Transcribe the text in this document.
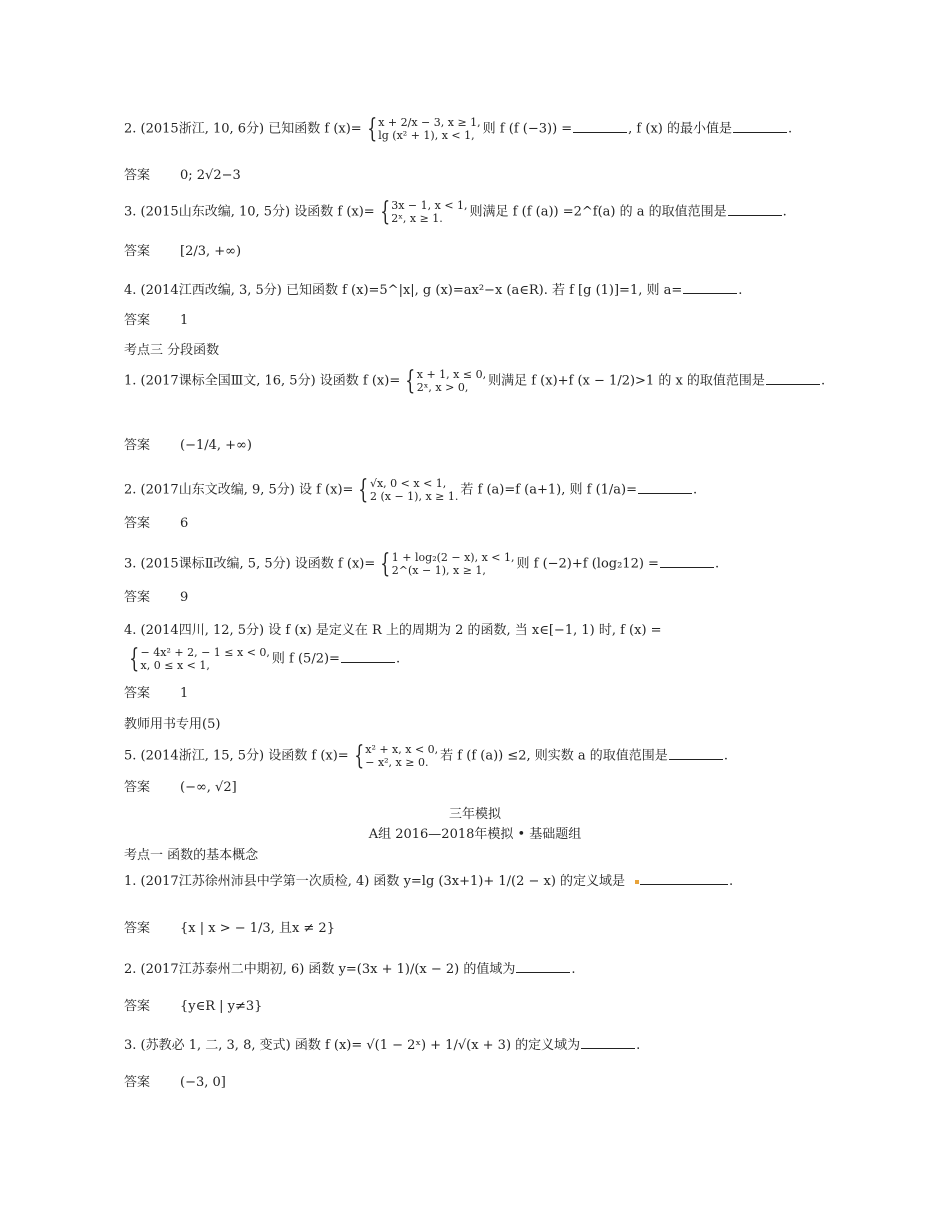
2. (2015浙江, 10, 6分) 已知函数 f (x)= { x + 2/x − 3, x ≥ 1,
lg (x² + 1), x < 1, 则 f (f (−3)) =	, f (x) 的最小值是	.
答案 0; 2√2−3
3. (2015山东改编, 10, 5分) 设函数 f (x)= { 3x − 1, x < 1,
2ˣ, x ≥ 1.	则满足 f (f (a)) =2^f(a) 的 a 的取值范围是	.
答案 [2/3, +∞)
4. (2014江西改编, 3, 5分) 已知函数 f (x)=5^|x|, g (x)=ax²−x (a∈R). 若 f [g (1)]=1, 则 a=	.
答案 1
考点三 分段函数
1. (2017课标全国Ⅲ文, 16, 5分) 设函数 f (x)= { x + 1, x ≤ 0,
2ˣ, x > 0,	则满足 f (x)+f (x − 1/2)>1 的 x 的取值范围是	.
答案 (−1/4, +∞)
2. (2017山东文改编, 9, 5分) 设 f (x)= { √x, 0 < x < 1,
2 (x − 1), x ≥ 1. 若 f (a)=f (a+1), 则 f (1/a)=	.
答案 6
3. (2015课标Ⅱ改编, 5, 5分) 设函数 f (x)= { 1 + log₂(2 − x), x < 1,
2^(x − 1), x ≥ 1,	则 f (−2)+f (log₂12) =	.
答案 9
4. (2014四川, 12, 5分) 设 f (x) 是定义在 R 上的周期为 2 的函数, 当 x∈[−1, 1) 时, f (x) =
{ − 4x² + 2, − 1 ≤ x < 0,
x, 0 ≤ x < 1,	则 f (5/2)=	.
答案 1
教师用书专用(5)
5. (2014浙江, 15, 5分) 设函数 f (x)= { x² + x, x < 0,
− x², x ≥ 0. 若 f (f (a)) ≤2, 则实数 a 的取值范围是	.
答案 (−∞, √2]
三年模拟
A组 2016—2018年模拟 • 基础题组
考点一 函数的基本概念
1. (2017江苏徐州沛县中学第一次质检, 4) 函数 y=lg (3x+1)+ 1/(2 − x) 的定义域是	.
答案 {x | x > − 1/3, 且x ≠ 2}
2. (2017江苏泰州二中期初, 6) 函数 y=(3x + 1)/(x − 2) 的值域为	.
答案 {y∈R | y≠3}
3. (苏教必 1, 二, 3, 8, 变式) 函数 f (x)= √(1 − 2ˣ) + 1/√(x + 3) 的定义域为	.
答案 (−3, 0]
